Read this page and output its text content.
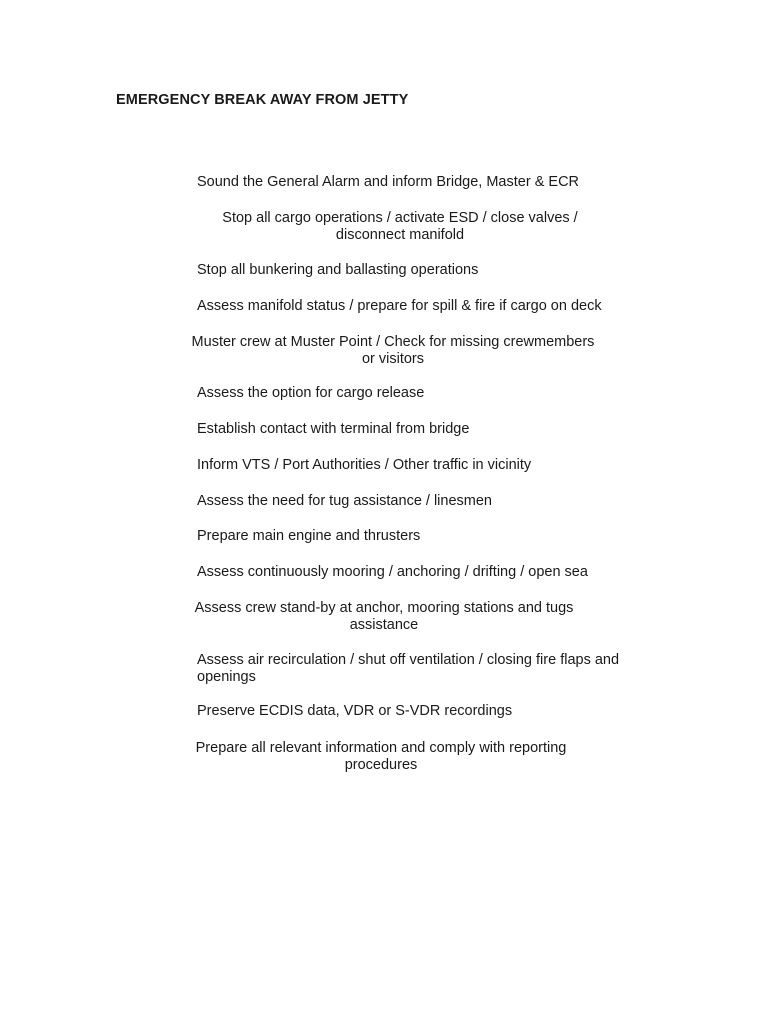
EMERGENCY BREAK AWAY FROM JETTY
Sound the General Alarm and inform Bridge, Master & ECR
Stop all cargo operations / activate ESD / close valves /
disconnect manifold
Stop all bunkering and ballasting operations
Assess manifold status / prepare for spill & fire if cargo on deck
Muster crew at Muster Point / Check for missing crewmembers
or visitors
Assess the option for cargo release
Establish contact with terminal from bridge
Inform VTS / Port Authorities / Other traffic in vicinity
Assess the need for tug assistance / linesmen
Prepare main engine and thrusters
Assess continuously mooring / anchoring / drifting / open sea
Assess crew stand-by at anchor, mooring stations and tugs
assistance
Assess air recirculation / shut off ventilation / closing fire flaps and
openings
Preserve ECDIS data, VDR or S-VDR recordings
Prepare all relevant information and comply with reporting
procedures
